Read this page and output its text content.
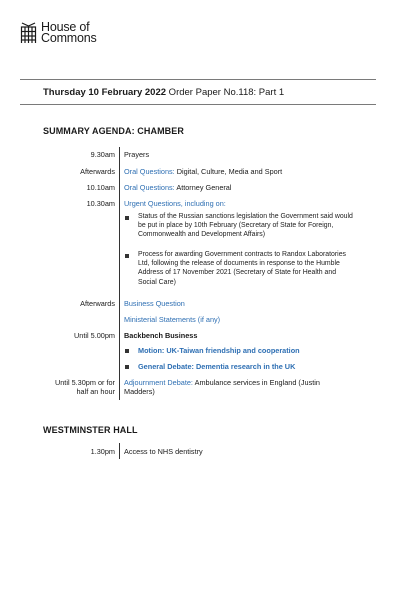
House of
Commons
Thursday 10 February 2022 Order Paper No.118: Part 1
SUMMARY AGENDA: CHAMBER
9.30am Prayers
Afterwards Oral Questions: Digital, Culture, Media and Sport
10.10am Oral Questions: Attorney General
10.30am Urgent Questions, including on:
Status of the Russian sanctions legislation the Government said would be put in place by 10th February (Secretary of State for Foreign, Commonwealth and Development Affairs)
Process for awarding Government contracts to Randox Laboratories Ltd, following the release of documents in response to the Humble Address of 17 November 2021 (Secretary of State for Health and Social Care)
Afterwards Business Question
Ministerial Statements (if any)
Until 5.00pm Backbench Business
Motion: UK-Taiwan friendship and cooperation
General Debate: Dementia research in the UK
Until 5.30pm or for
half an hour
Adjournment Debate: Ambulance services in England (Justin Madders)
WESTMINSTER HALL
1.30pm Access to NHS dentistry
